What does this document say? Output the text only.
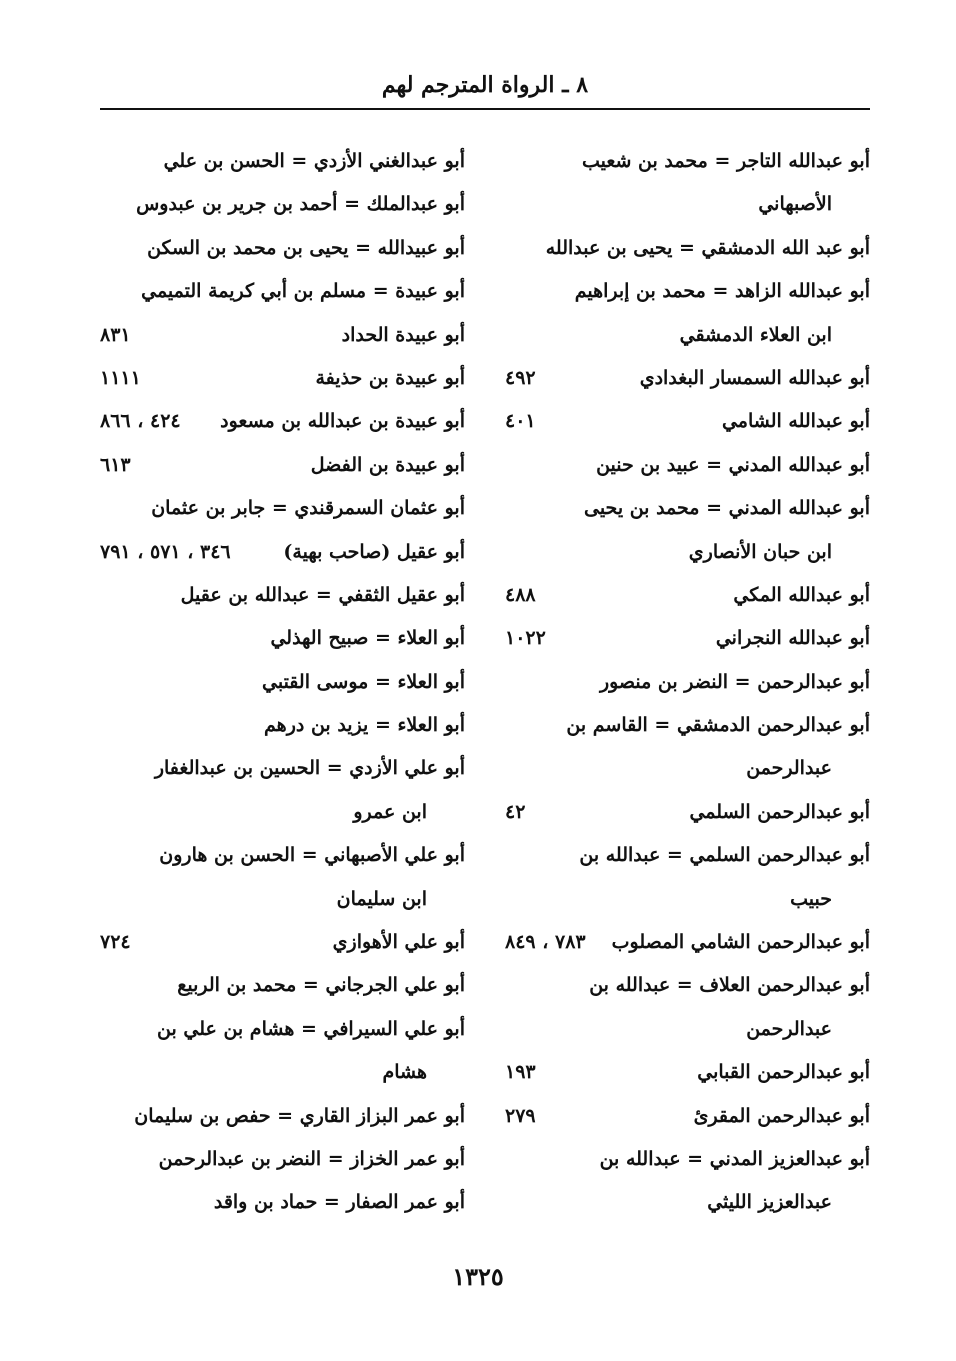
٨ ـ الرواة المترجم لهم
أبو عبدالله التاجر = محمد بن شعيب
الأصبهاني
أبو عبد الله الدمشقي = يحيى بن عبدالله
أبو عبدالله الزاهد = محمد بن إبراهيم
ابن العلاء الدمشقي
أبو عبدالله السمسار البغدادي
٤٩٢
أبو عبدالله الشامي
٤٠١
أبو عبدالله المدني = عبيد بن حنين
أبو عبدالله المدني = محمد بن يحيى
ابن حبان الأنصاري
أبو عبدالله المكي
٤٨٨
أبو عبدالله النجراني
١٠٢٢
أبو عبدالرحمن = النضر بن منصور
أبو عبدالرحمن الدمشقي = القاسم بن
عبدالرحمن
أبو عبدالرحمن السلمي
٤٢
أبو عبدالرحمن السلمي = عبدالله بن
حبيب
أبو عبدالرحمن الشامي المصلوب
٧٨٣ ، ٨٤٩
أبو عبدالرحمن العلاف = عبدالله بن
عبدالرحمن
أبو عبدالرحمن القبابي
١٩٣
أبو عبدالرحمن المقرئ
٢٧٩
أبو عبدالعزيز المدني = عبدالله بن
عبدالعزيز الليثي
أبو عبدالغني الأزدي = الحسن بن علي
أبو عبدالملك = أحمد بن جرير بن عبدوس
أبو عبيدالله = يحيى بن محمد بن السكن
أبو عبيدة = مسلم بن أبي كريمة التميمي
أبو عبيدة الحداد
٨٣١
أبو عبيدة بن حذيفة
١١١١
أبو عبيدة بن عبدالله بن مسعود
٤٢٤ ، ٨٦٦
أبو عبيدة بن الفضل
٦١٣
أبو عثمان السمرقندي = جابر بن عثمان
أبو عقيل (صاحب بهية)
٣٤٦ ، ٥٧١ ، ٧٩١
أبو عقيل الثقفي = عبدالله بن عقيل
أبو العلاء = صبيح الهذلي
أبو العلاء = موسى القتبي
أبو العلاء = يزيد بن درهم
أبو علي الأزدي = الحسين بن عبدالغفار
ابن عمرو
أبو علي الأصبهاني = الحسن بن هارون
ابن سليمان
أبو علي الأهوازي
٧٢٤
أبو علي الجرجاني = محمد بن الربيع
أبو علي السيرافي = هشام بن علي بن
هشام
أبو عمر البزاز القاري = حفص بن سليمان
أبو عمر الخزاز = النضر بن عبدالرحمن
أبو عمر الصفار = حماد بن واقد
١٣٢٥
